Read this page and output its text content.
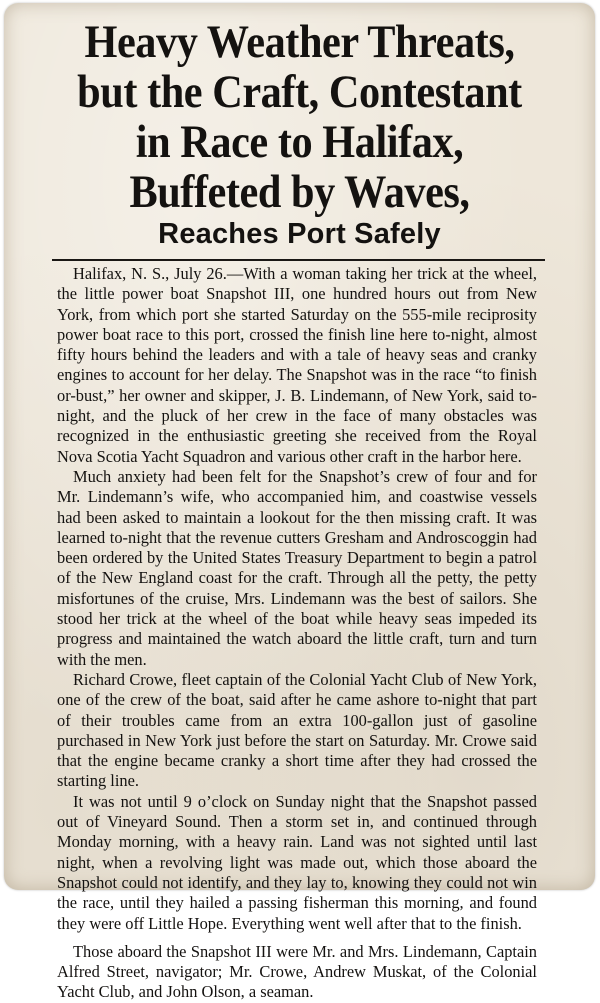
Heavy Weather Threats,
but the Craft, Contestant
in Race to Halifax,
Buffeted by Waves,
Reaches Port Safely

Halifax, N. S., July 26.—With a woman taking her trick at the wheel, the little power boat Snapshot III, one hundred hours out from New York, from which port she started Saturday on the 555-mile reciprosity power boat race to this port, crossed the finish line here to-night, almost fifty hours behind the leaders and with a tale of heavy seas and cranky engines to account for her delay. The Snapshot was in the race “to finish or-bust,” her owner and skipper, J. B. Lindemann, of New York, said to-night, and the pluck of her crew in the face of many obstacles was recognized in the enthusiastic greeting she received from the Royal Nova Scotia Yacht Squadron and various other craft in the harbor here.

Much anxiety had been felt for the Snapshot’s crew of four and for Mr. Lindemann’s wife, who accompanied him, and coastwise vessels had been asked to maintain a lookout for the then missing craft. It was learned to-night that the revenue cutters Gresham and Androscoggin had been ordered by the United States Treasury Department to begin a patrol of the New England coast for the craft. Through all the petty, the petty misfortunes of the cruise, Mrs. Lindemann was the best of sailors. She stood her trick at the wheel of the boat while heavy seas impeded its progress and maintained the watch aboard the little craft, turn and turn with the men.

Richard Crowe, fleet captain of the Colonial Yacht Club of New York, one of the crew of the boat, said after he came ashore to-night that part of their troubles came from an extra 100-gallon just of gasoline purchased in New York just before the start on Saturday. Mr. Crowe said that the engine became cranky a short time after they had crossed the starting line.

It was not until 9 o’clock on Sunday night that the Snapshot passed out of Vineyard Sound. Then a storm set in, and continued through Monday morning, with a heavy rain. Land was not sighted until last night, when a revolving light was made out, which those aboard the Snapshot could not identify, and they lay to, knowing they could not win the race, until they hailed a passing fisherman this morning, and found they were off Little Hope. Everything went well after that to the finish.

Those aboard the Snapshot III were Mr. and Mrs. Lindemann, Captain Alfred Street, navigator; Mr. Crowe, Andrew Muskat, of the Colonial Yacht Club, and John Olson, a seaman.
